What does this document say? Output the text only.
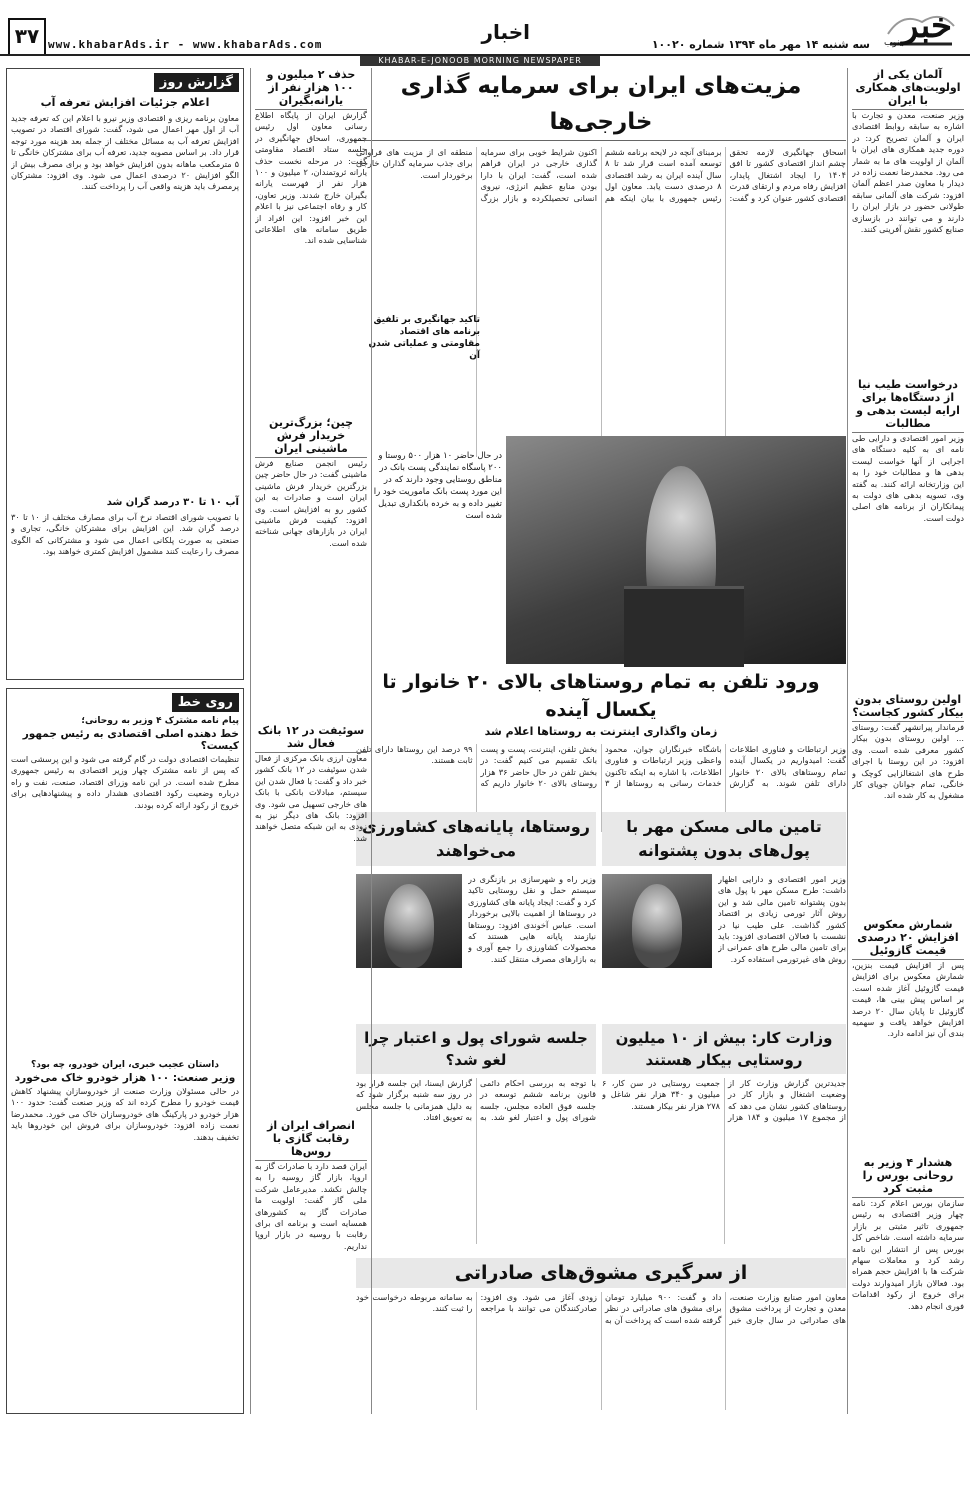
خبر
جنوب
سه شنبه ۱۴ مهر ماه ۱۳۹۴ شماره ۱۰۰۲۰
اخبار
www.khabarAds.ir - www.khabarAds.com
۳۷
KHABAR-E-JONOOB MORNING NEWSPAPER
آلمان یکی از اولویت‌های همکاری با ایران
وزیر صنعت، معدن و تجارت با اشاره به سابقه روابط اقتصادی ایران و آلمان تصریح کرد: در دوره جدید همکاری های ایران با آلمان از اولویت های ما به شمار می رود. محمدرضا نعمت زاده در دیدار با معاون صدر اعظم آلمان افزود: شرکت های آلمانی سابقه طولانی حضور در بازار ایران را دارند و می توانند در بازسازی صنایع کشور نقش آفرینی کنند.
درخواست طیب نیا از دستگاه‌ها برای ارایه لیست بدهی و مطالبات
وزیر امور اقتصادی و دارایی طی نامه ای به کلیه دستگاه های اجرایی از آنها خواست لیست بدهی ها و مطالبات خود را به این وزارتخانه ارائه کنند. به گفته وی، تسویه بدهی های دولت به پیمانکاران از برنامه های اصلی دولت است.
اولین روستای بدون بیکار کشور کجاست؟
فرماندار پیرانشهر گفت: روستای ... اولین روستای بدون بیکار کشور معرفی شده است. وی افزود: در این روستا با اجرای طرح های اشتغالزایی کوچک و خانگی، تمام جوانان جویای کار مشغول به کار شده اند.
شمارش معکوس افزایش ۲۰ درصدی قیمت گازوئیل
پس از افزایش قیمت بنزین، شمارش معکوس برای افزایش قیمت گازوئیل آغاز شده است. بر اساس پیش بینی ها، قیمت گازوئیل تا پایان سال ۲۰ درصد افزایش خواهد یافت و سهمیه بندی آن نیز ادامه دارد.
هشدار ۴ وزیر به روحانی بورس را مثبت کرد
سازمان بورس اعلام کرد: نامه چهار وزیر اقتصادی به رئیس جمهوری تاثیر مثبتی بر بازار سرمایه داشته است. شاخص کل بورس پس از انتشار این نامه رشد کرد و معاملات سهام شرکت ها با افزایش حجم همراه بود. فعالان بازار امیدوارند دولت برای خروج از رکود اقدامات فوری انجام دهد.
مزیت‌های ایران برای سرمایه گذاری خارجی‌ها
تاکید جهانگیری بر تلفیق برنامه های اقتصاد مقاومتی و عملیاتی شدن آن
اسحاق جهانگیری لازمه تحقق چشم انداز اقتصادی کشور تا افق ۱۴۰۴ را ایجاد اشتغال پایدار، افزایش رفاه مردم و ارتقای قدرت اقتصادی کشور عنوان کرد و گفت: برمبنای آنچه در لایحه برنامه ششم توسعه آمده است قرار شد تا ۸ سال آینده ایران به رشد اقتصادی ۸ درصدی دست یابد. معاون اول رئیس جمهوری با بیان اینکه هم اکنون شرایط خوبی برای سرمایه گذاری خارجی در ایران فراهم شده است، گفت: ایران با دارا بودن منابع عظیم انرژی، نیروی انسانی تحصیلکرده و بازار بزرگ منطقه ای از مزیت های فراوانی برای جذب سرمایه گذاران خارجی برخوردار است.
در حال حاضر ۱۰ هزار ۵۰۰ روستا و ۲۰۰ پاسگاه نمایندگی پست بانک در مناطق روستایی وجود دارند که در این مورد پست بانک ماموریت خود را تغییر داده و به خرده بانکداری تبدیل شده است
ورود تلفن به تمام روستاهای بالای ۲۰ خانوار تا یکسال آینده
زمان واگذاری اینترنت به روستاها اعلام شد
وزیر ارتباطات و فناوری اطلاعات گفت: امیدواریم در یکسال آینده تمام روستاهای بالای ۲۰ خانوار دارای تلفن شوند. به گزارش باشگاه خبرنگاران جوان، محمود واعظی وزیر ارتباطات و فناوری اطلاعات، با اشاره به اینکه تاکنون خدمات رسانی به روستاها از ۳ بخش تلفن، اینترنت، پست و پست بانک تقسیم می کنیم گفت: در بخش تلفن در حال حاضر ۳۶ هزار روستای بالای ۲۰ خانوار داریم که ۹۹ درصد این روستاها دارای تلفن ثابت هستند.
تامین مالی مسکن مهر با پول‌های بدون پشتوانه
وزیر امور اقتصادی و دارایی اظهار داشت: طرح مسکن مهر با پول های بدون پشتوانه تامین مالی شد و این روش آثار تورمی زیادی بر اقتصاد کشور گذاشت. علی طیب نیا در نشست با فعالان اقتصادی افزود: باید برای تامین مالی طرح های عمرانی از روش های غیرتورمی استفاده کرد.
روستاها، پایانه‌های کشاورزی می‌خواهند
وزیر راه و شهرسازی بر بازنگری در سیستم حمل و نقل روستایی تاکید کرد و گفت: ایجاد پایانه های کشاورزی در روستاها از اهمیت بالایی برخوردار است. عباس آخوندی افزود: روستاها نیازمند پایانه هایی هستند که محصولات کشاورزی را جمع آوری و به بازارهای مصرف منتقل کنند.
وزارت کار: بیش از ۱۰ میلیون روستایی بیکار هستند
جدیدترین گزارش وزارت کار از وضعیت اشتغال و بازار کار در روستاهای کشور نشان می دهد که از مجموع ۱۷ میلیون و ۱۸۴ هزار جمعیت روستایی در سن کار، ۶ میلیون و ۳۴۰ هزار نفر شاغل و ۲۷۸ هزار نفر بیکار هستند.
جلسه شورای پول و اعتبار چرا لغو شد؟
با توجه به بررسی احکام دائمی قانون برنامه ششم توسعه در جلسه فوق العاده مجلس، جلسه شورای پول و اعتبار لغو شد. به گزارش ایسنا، این جلسه قرار بود در روز سه شنبه برگزار شود که به دلیل همزمانی با جلسه مجلس به تعویق افتاد.
از سرگیری مشوق‌های صادراتی
معاون امور صنایع وزارت صنعت، معدن و تجارت از پرداخت مشوق های صادراتی در سال جاری خبر داد و گفت: ۹۰۰ میلیارد تومان برای مشوق های صادراتی در نظر گرفته شده است که پرداخت آن به زودی آغاز می شود. وی افزود: صادرکنندگان می توانند با مراجعه به سامانه مربوطه درخواست خود را ثبت کنند.
حذف ۲ میلیون و ۱۰۰ هزار نفر از یارانه‌بگیران
گزارش ایران از پایگاه اطلاع رسانی معاون اول رئیس جمهوری، اسحاق جهانگیری در جلسه ستاد اقتصاد مقاومتی گفت: در مرحله نخست حذف یارانه ثروتمندان، ۲ میلیون و ۱۰۰ هزار نفر از فهرست یارانه بگیران خارج شدند. وزیر تعاون، کار و رفاه اجتماعی نیز با اعلام این خبر افزود: این افراد از طریق سامانه های اطلاعاتی شناسایی شده اند.
چین؛ بزرگ‌ترین خریدار فرش ماشینی ایران
رئیس انجمن صنایع فرش ماشینی گفت: در حال حاضر چین بزرگترین خریدار فرش ماشینی ایران است و صادرات به این کشور رو به افزایش است. وی افزود: کیفیت فرش ماشینی ایران در بازارهای جهانی شناخته شده است.
سوئیفت در ۱۲ بانک فعال شد
معاون ارزی بانک مرکزی از فعال شدن سوئیفت در ۱۲ بانک کشور خبر داد و گفت: با فعال شدن این سیستم، مبادلات بانکی با بانک های خارجی تسهیل می شود. وی افزود: بانک های دیگر نیز به زودی به این شبکه متصل خواهند شد.
انصراف ایران از رقابت گازی با روس‌ها
ایران قصد دارد با صادرات گاز به اروپا، بازار گاز روسیه را به چالش نکشد. مدیرعامل شرکت ملی گاز گفت: اولویت ما صادرات گاز به کشورهای همسایه است و برنامه ای برای رقابت با روسیه در بازار اروپا نداریم.
گزارش روز
اعلام جزئیات افزایش تعرفه آب
معاون برنامه ریزی و اقتصادی وزیر نیرو با اعلام این که تعرفه جدید آب از اول مهر اعمال می شود، گفت: شورای اقتصاد در تصویب افزایش تعرفه آب به مسائل مختلف از جمله بعد هزینه مورد توجه قرار داد. بر اساس مصوبه جدید، تعرفه آب برای مشترکان خانگی تا ۵ مترمکعب ماهانه بدون افزایش خواهد بود و برای مصرف بیش از الگو افزایش ۲۰ درصدی اعمال می شود. وی افزود: مشترکان پرمصرف باید هزینه واقعی آب را پرداخت کنند.
آب ۱۰ تا ۳۰ درصد گران شد
با تصویب شورای اقتصاد نرخ آب برای مصارف مختلف از ۱۰ تا ۳۰ درصد گران شد. این افزایش برای مشترکان خانگی، تجاری و صنعتی به صورت پلکانی اعمال می شود و مشترکانی که الگوی مصرف را رعایت کنند مشمول افزایش کمتری خواهند بود.
روی خط
پیام نامه مشترک ۴ وزیر به روحانی؛
خط دهنده اصلی اقتصادی به رئیس جمهور کیست؟
تنظیمات اقتصادی دولت در گام گرفته می شود و این پرسشی است که پس از نامه مشترک چهار وزیر اقتصادی به رئیس جمهوری مطرح شده است. در این نامه وزرای اقتصاد، صنعت، نفت و راه درباره وضعیت رکود اقتصادی هشدار داده و پیشنهادهایی برای خروج از رکود ارائه کرده بودند.
داستان عجیب خبری، ایران خودرو، چه بود؟
وزیر صنعت: ۱۰۰ هزار خودرو خاک می‌خورد
در حالی مسئولان وزارت صنعت از خودروسازان پیشنهاد کاهش قیمت خودرو را مطرح کرده اند که وزیر صنعت گفت: حدود ۱۰۰ هزار خودرو در پارکینگ های خودروسازان خاک می خورد. محمدرضا نعمت زاده افزود: خودروسازان برای فروش این خودروها باید تخفیف بدهند.
